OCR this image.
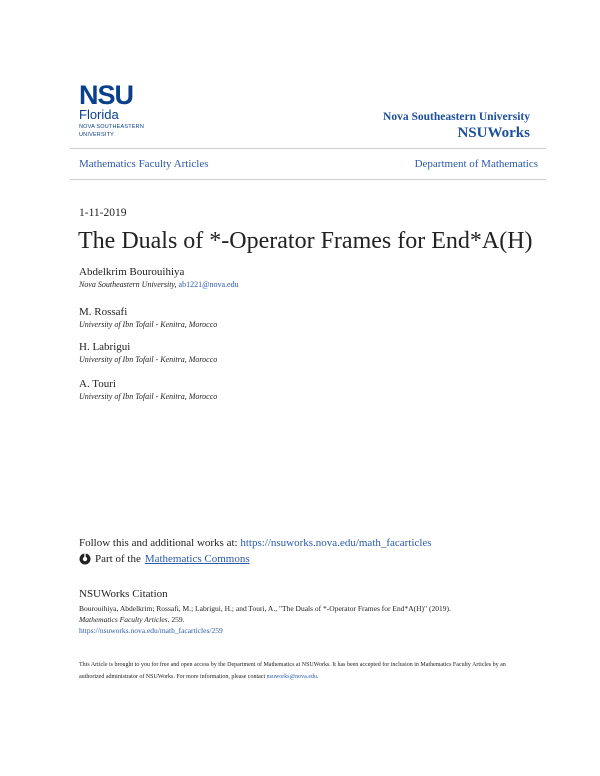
NSU
Florida
NOVA SOUTHEASTERN
UNIVERSITY
Nova Southeastern University
NSUWorks
Mathematics Faculty Articles	Department of Mathematics
1-11-2019
The Duals of *-Operator Frames for End*A(H)
Abdelkrim Bourouihiya
Nova Southeastern University, ab1221@nova.edu
M. Rossafi
University of Ibn Tofail - Kenitra, Morocco
H. Labrigui
University of Ibn Tofail - Kenitra, Morocco
A. Touri
University of Ibn Tofail - Kenitra, Morocco
Follow this and additional works at: https://nsuworks.nova.edu/math_facarticles
Part of the Mathematics Commons
NSUWorks Citation
Bourouihiya, Abdelkrim; Rossafi, M.; Labrigui, H.; and Touri, A., "The Duals of *-Operator Frames for End*A(H)" (2019).
Mathematics Faculty Articles. 259.
https://nsuworks.nova.edu/math_facarticles/259
This Article is brought to you for free and open access by the Department of Mathematics at NSUWorks. It has been accepted for inclusion in Mathematics Faculty Articles by an authorized administrator of NSUWorks. For more information, please contact nsuworks@nova.edu.
